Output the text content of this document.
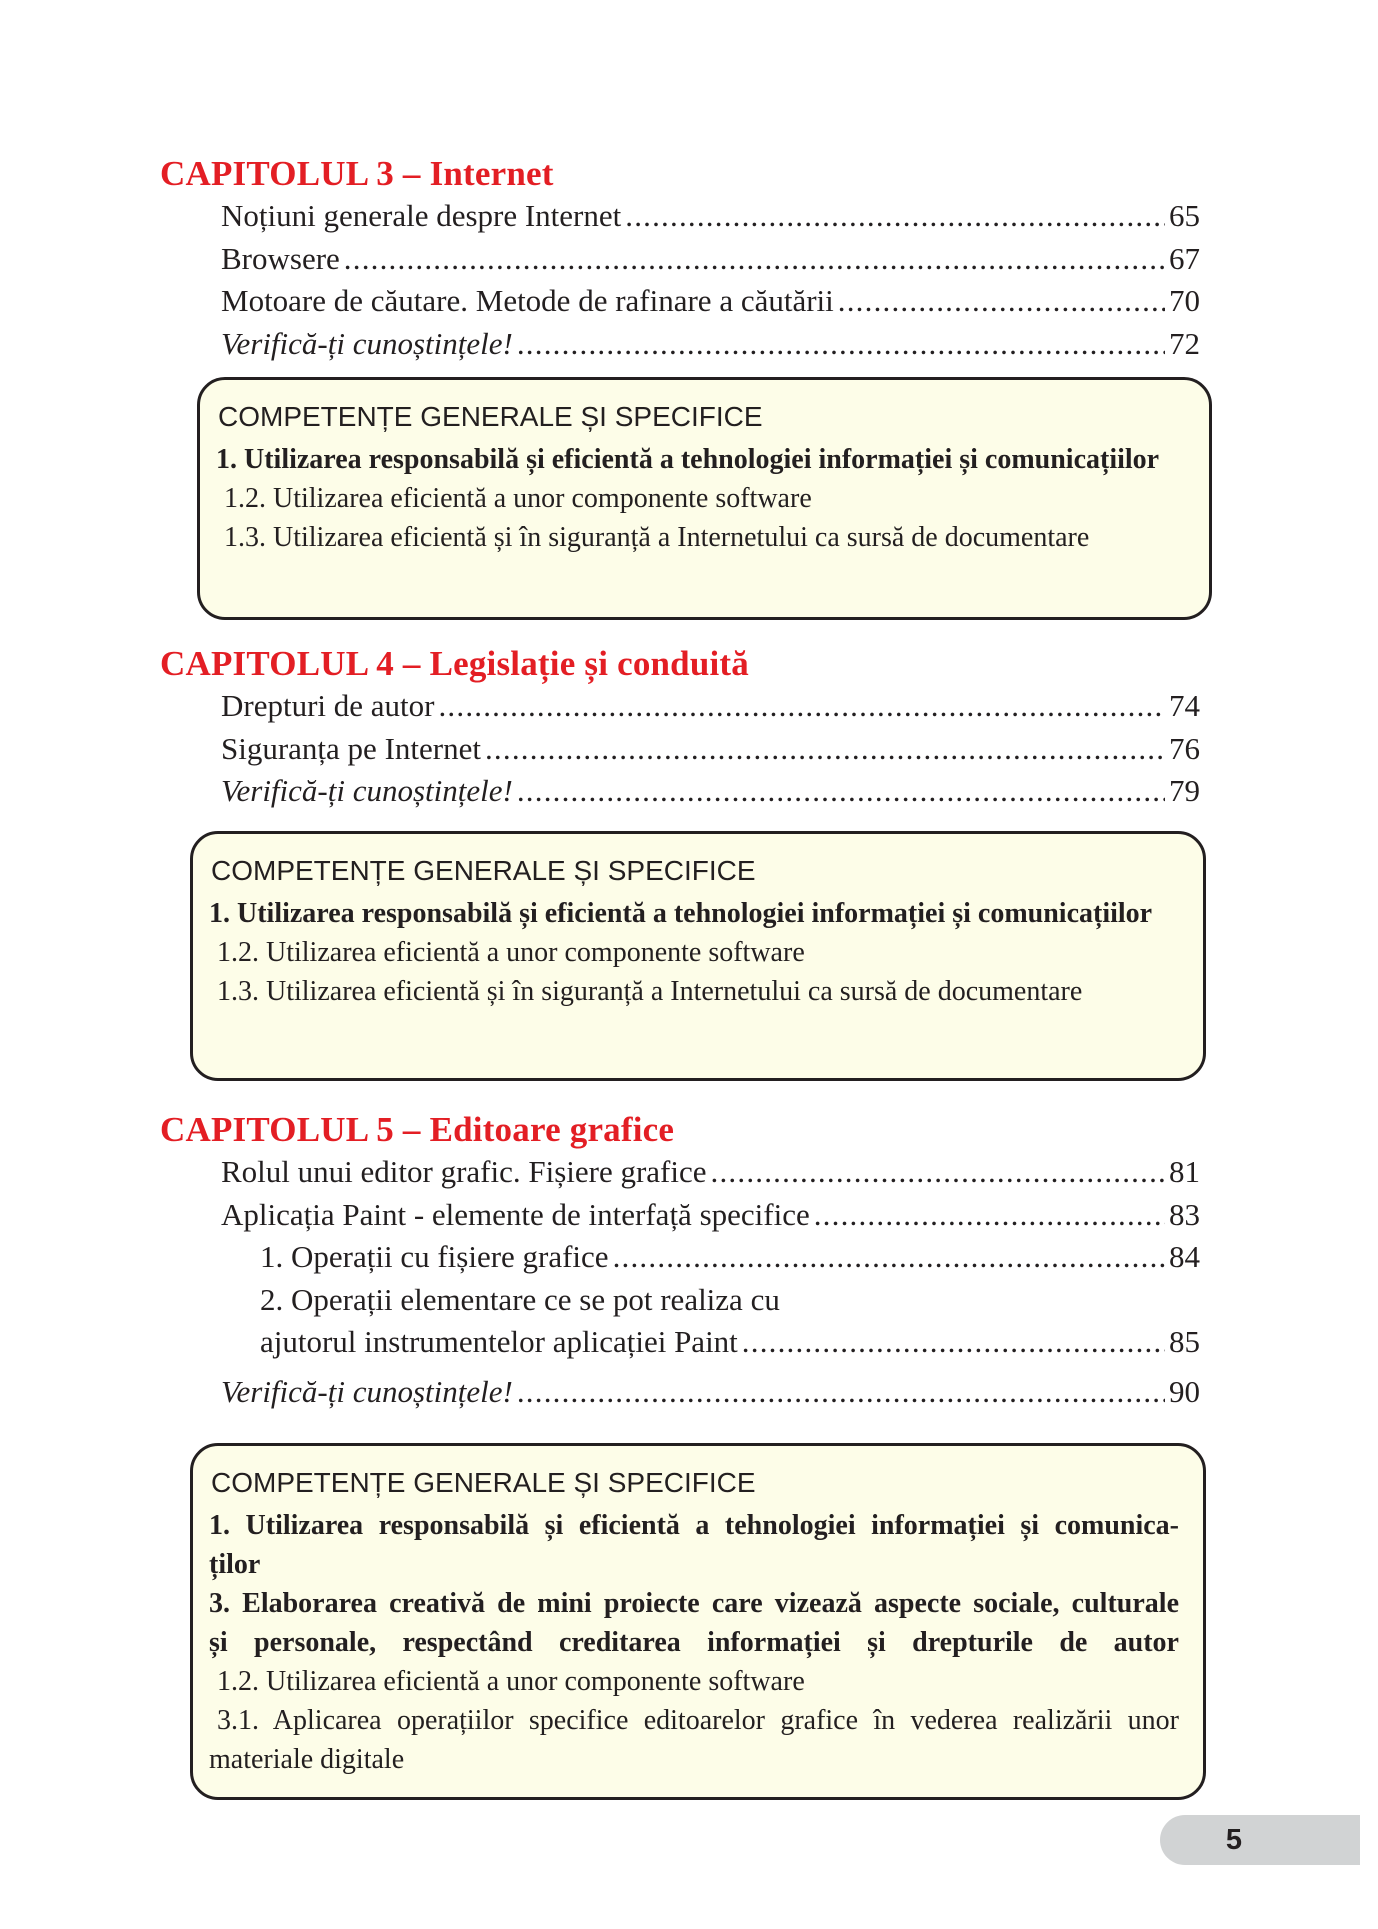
CAPITOLUL 3 – Internet
Noțiuni generale despre Internet .....	65
Browsere .....	67
Motoare de căutare. Metode de rafinare a căutării .....	70
Verifică-ți cunoștințele! .....	72
COMPETENȚE GENERALE ȘI SPECIFICE
1. Utilizarea responsabilă și eficientă a tehnologiei informației și comunicațiilor
1.2. Utilizarea eficientă a unor componente software
1.3. Utilizarea eficientă și în siguranță a Internetului ca sursă de documentare
CAPITOLUL 4 – Legislație și conduită
Drepturi de autor .....	74
Siguranța pe Internet .....	76
Verifică-ți cunoștințele! .....	79
COMPETENȚE GENERALE ȘI SPECIFICE
1. Utilizarea responsabilă și eficientă a tehnologiei informației și comunicațiilor
1.2. Utilizarea eficientă a unor componente software
1.3. Utilizarea eficientă și în siguranță a Internetului ca sursă de documentare
CAPITOLUL 5 – Editoare grafice
Rolul unui editor grafic. Fișiere grafice .....	81
Aplicația Paint - elemente de interfață specifice .....	83
1. Operații cu fișiere grafice .....	84
2. Operații elementare ce se pot realiza cu
ajutorul instrumentelor aplicației Paint .....	85
Verifică-ți cunoștințele! .....	90
COMPETENȚE GENERALE ȘI SPECIFICE
1. Utilizarea responsabilă și eficientă a tehnologiei informației și comunica-
ților
3. Elaborarea creativă de mini proiecte care vizează aspecte sociale, culturale
și personale, respectând creditarea informației și drepturile de autor
1.2. Utilizarea eficientă a unor componente software
3.1. Aplicarea operațiilor specifice editoarelor grafice în vederea realizării unor materiale digitale
5
